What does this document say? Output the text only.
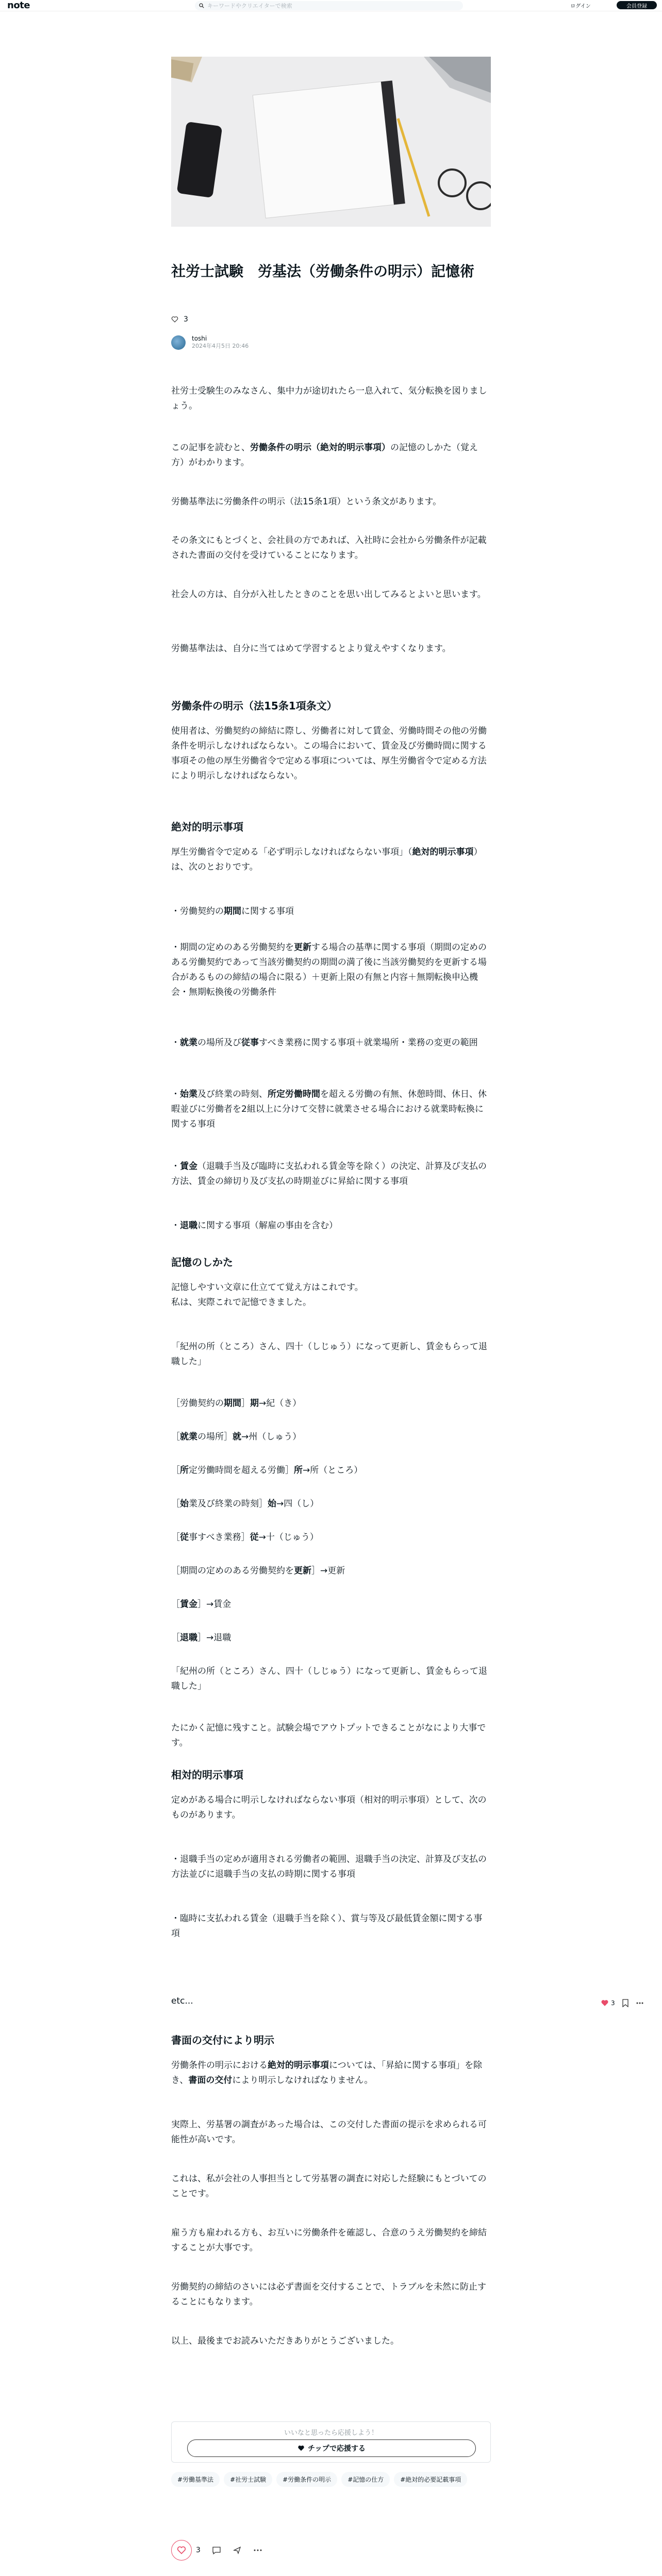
note	キーワードやクリエイターで検索	ログイン	会員登録
社労士試験　労基法（労働条件の明示）記憶術
3
toshi
2024年4月5日 20:46
社労士受験生のみなさん、集中力が途切れたら一息入れて、気分転換を図りましょう。
この記事を読むと、労働条件の明示（絶対的明示事項）の記憶のしかた（覚え方）がわかります。
労働基準法に労働条件の明示（法15条1項）という条文があります。
その条文にもとづくと、会社員の方であれば、入社時に会社から労働条件が記載された書面の交付を受けていることになります。
社会人の方は、自分が入社したときのことを思い出してみるとよいと思います。
労働基準法は、自分に当てはめて学習するとより覚えやすくなります。
労働条件の明示（法15条1項条文）
使用者は、労働契約の締結に際し、労働者に対して賃金、労働時間その他の労働条件を明示しなければならない。この場合において、賃金及び労働時間に関する事項その他の厚生労働省令で定める事項については、厚生労働省令で定める方法により明示しなければならない。
絶対的明示事項
厚生労働省令で定める「必ず明示しなければならない事項」（絶対的明示事項）は、次のとおりです。
・労働契約の期間に関する事項
・期間の定めのある労働契約を更新する場合の基準に関する事項（期間の定めのある労働契約であって当該労働契約の期間の満了後に当該労働契約を更新する場合があるものの締結の場合に限る）＋更新上限の有無と内容＋無期転換申込機会・無期転換後の労働条件
・就業の場所及び従事すべき業務に関する事項＋就業場所・業務の変更の範囲
・始業及び終業の時刻、所定労働時間を超える労働の有無、休憩時間、休日、休暇並びに労働者を2組以上に分けて交替に就業させる場合における就業時転換に関する事項
・賃金（退職手当及び臨時に支払われる賃金等を除く）の決定、計算及び支払の方法、賃金の締切り及び支払の時期並びに昇給に関する事項
・退職に関する事項（解雇の事由を含む）
記憶のしかた
記憶しやすい文章に仕立てて覚え方はこれです。
私は、実際これで記憶できました。
「紀州の所（ところ）さん、四十（しじゅう）になって更新し、賃金もらって退職した」
［労働契約の期間］期→紀（き）
［就業の場所］就→州（しゅう）
［所定労働時間を超える労働］所→所（ところ）
［始業及び終業の時刻］始→四（し）
［従事すべき業務］従→十（じゅう）
［期間の定めのある労働契約を更新］→更新
［賃金］→賃金
［退職］→退職
「紀州の所（ところ）さん、四十（しじゅう）になって更新し、賃金もらって退職した」
たにかく記憶に残すこと。試験会場でアウトプットできることがなにより大事です。
相対的明示事項
定めがある場合に明示しなければならない事項（相対的明示事項）として、次のものがあります。
・退職手当の定めが適用される労働者の範囲、退職手当の決定、計算及び支払の方法並びに退職手当の支払の時期に関する事項
・臨時に支払われる賃金（退職手当を除く）、賞与等及び最低賃金額に関する事項
etc...	3
書面の交付により明示
労働条件の明示における絶対的明示事項については、「昇給に関する事項」を除き、書面の交付により明示しなければなりません。
実際上、労基署の調査があった場合は、この交付した書面の提示を求められる可能性が高いです。
これは、私が会社の人事担当として労基署の調査に対応した経験にもとづいてのことです。
雇う方も雇われる方も、お互いに労働条件を確認し、合意のうえ労働契約を締結することが大事です。
労働契約の締結のさいには必ず書面を交付することで、トラブルを未然に防止することにもなります。
以上、最後までお読みいただきありがとうございました。
いいなと思ったら応援しよう！
チップで応援する
#労働基準法	#社労士試験	#労働条件の明示	#記憶の仕方	#絶対的必要記載事項
3
